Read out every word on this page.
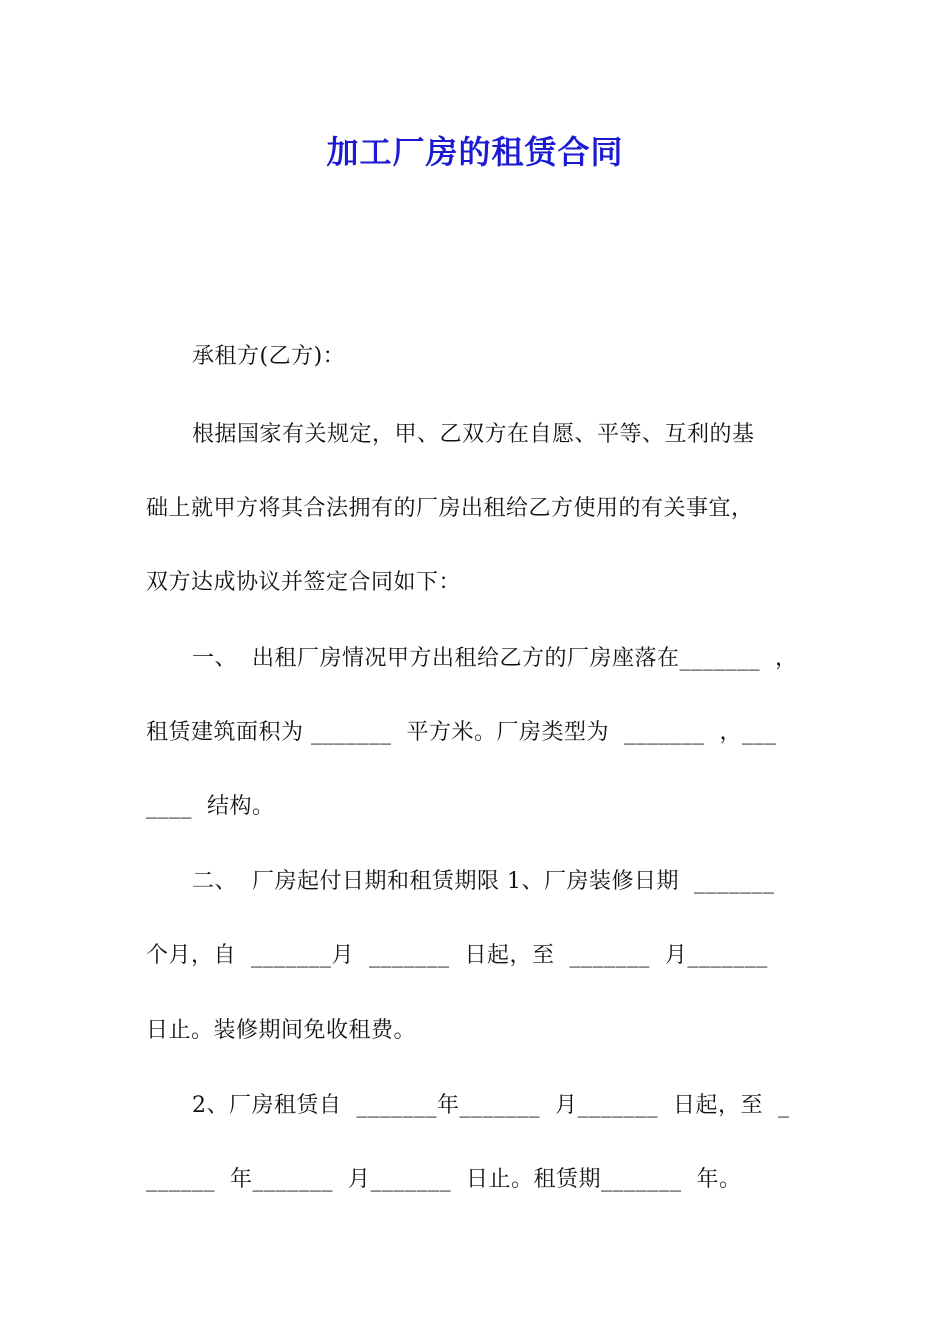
加工厂房的租赁合同
承租方(乙方)：
根据国家有关规定，甲、乙双方在自愿、平等、互利的基
础上就甲方将其合法拥有的厂房出租给乙方使用的有关事宜，
双方达成协议并签定合同如下：
一、  出租厂房情况甲方出租给乙方的厂房座落在_______  ，
租赁建筑面积为 _______  平方米。厂房类型为  _______  ，___
____  结构。
二、  厂房起付日期和租赁期限 1、厂房装修日期  _______
个月，自  _______月  _______  日起，至  _______  月_______
日止。装修期间免收租费。
2、厂房租赁自  _______年_______  月_______  日起，至  _
______  年_______  月_______  日止。租赁期_______  年。
